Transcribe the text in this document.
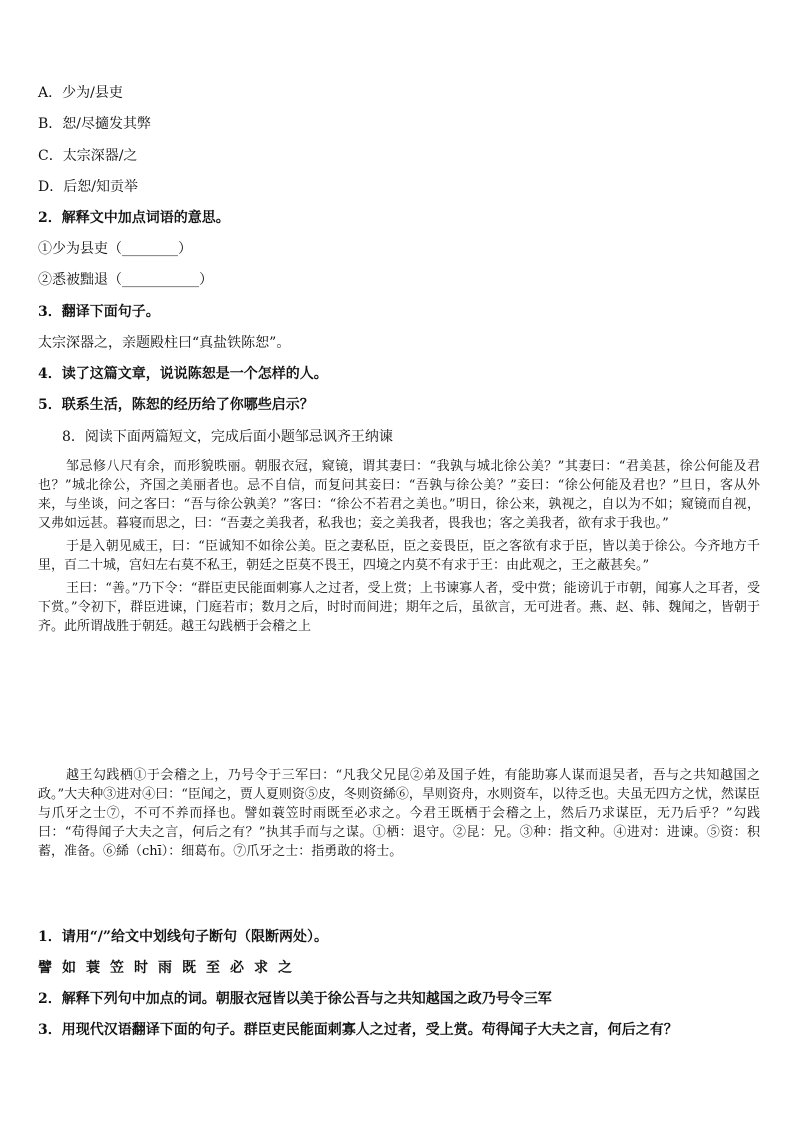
A．少为/县吏
B．恕/尽擿发其弊
C．太宗深器/之
D．后恕/知贡举
2．解释文中加点词语的意思。
①少为县吏（________）
②悉被黜退（___________）
3．翻译下面句子。
太宗深器之，亲题殿柱曰“真盐铁陈恕”。
4．读了这篇文章，说说陈恕是一个怎样的人。
5．联系生活，陈恕的经历给了你哪些启示？
8．阅读下面两篇短文，完成后面小题邹忌讽齐王纳谏

邹忌修八尺有余，而形貌昳丽。朝服衣冠，窥镜，谓其妻曰：“我孰与城北徐公美？”其妻曰：“君美甚，徐公何能及君也？”城北徐公，齐国之美丽者也。忌不自信，而复问其妾曰：“吾孰与徐公美？”妾曰：“徐公何能及君也？”旦日，客从外来，与坐谈，问之客曰：“吾与徐公孰美？”客曰：“徐公不若君之美也。”明日，徐公来，孰视之，自以为不如；窥镜而自视，又弗如远甚。暮寝而思之，曰：“吾妻之美我者，私我也；妾之美我者，畏我也；客之美我者，欲有求于我也。”

于是入朝见威王，曰：“臣诚知不如徐公美。臣之妻私臣，臣之妾畏臣，臣之客欲有求于臣，皆以美于徐公。今齐地方千里，百二十城，宫妇左右莫不私王，朝廷之臣莫不畏王，四境之内莫不有求于王：由此观之，王之蔽甚矣。”

王曰：“善。”乃下令：“群臣吏民能面刺寡人之过者，受上赏；上书谏寡人者，受中赏；能谤讥于市朝，闻寡人之耳者，受下赏。”令初下，群臣进谏，门庭若市；数月之后，时时而间进；期年之后，虽欲言，无可进者。燕、赵、韩、魏闻之，皆朝于齐。此所谓战胜于朝廷。越王勾践栖于会稽之上

越王勾践栖①于会稽之上，乃号令于三军曰：“凡我父兄昆②弟及国子姓，有能助寡人谋而退吴者，吾与之共知越国之政。”大夫种③进对④曰：“臣闻之，贾人夏则资⑤皮，冬则资絺⑥，旱则资舟，水则资车，以待乏也。夫虽无四方之忧，然谋臣与爪牙之士⑦，不可不养而择也。譬如蓑笠时雨既至必求之。今君王既栖于会稽之上，然后乃求谋臣，无乃后乎？”勾践曰：“苟得闻子大夫之言，何后之有？”执其手而与之谋。①栖：退守。②昆：兄。③种：指文种。④进对：进谏。⑤资：积蓄，准备。⑥絺（chī）：细葛布。⑦爪牙之士：指勇敢的将士。

1．请用“/”给文中划线句子断句（限断两处）。
譬如蓑笠时雨既至必求之
2．解释下列句中加点的词。朝服衣冠皆以美于徐公吾与之共知越国之政乃号令三军
3．用现代汉语翻译下面的句子。群臣吏民能面刺寡人之过者，受上赏。苟得闻子大夫之言，何后之有？
